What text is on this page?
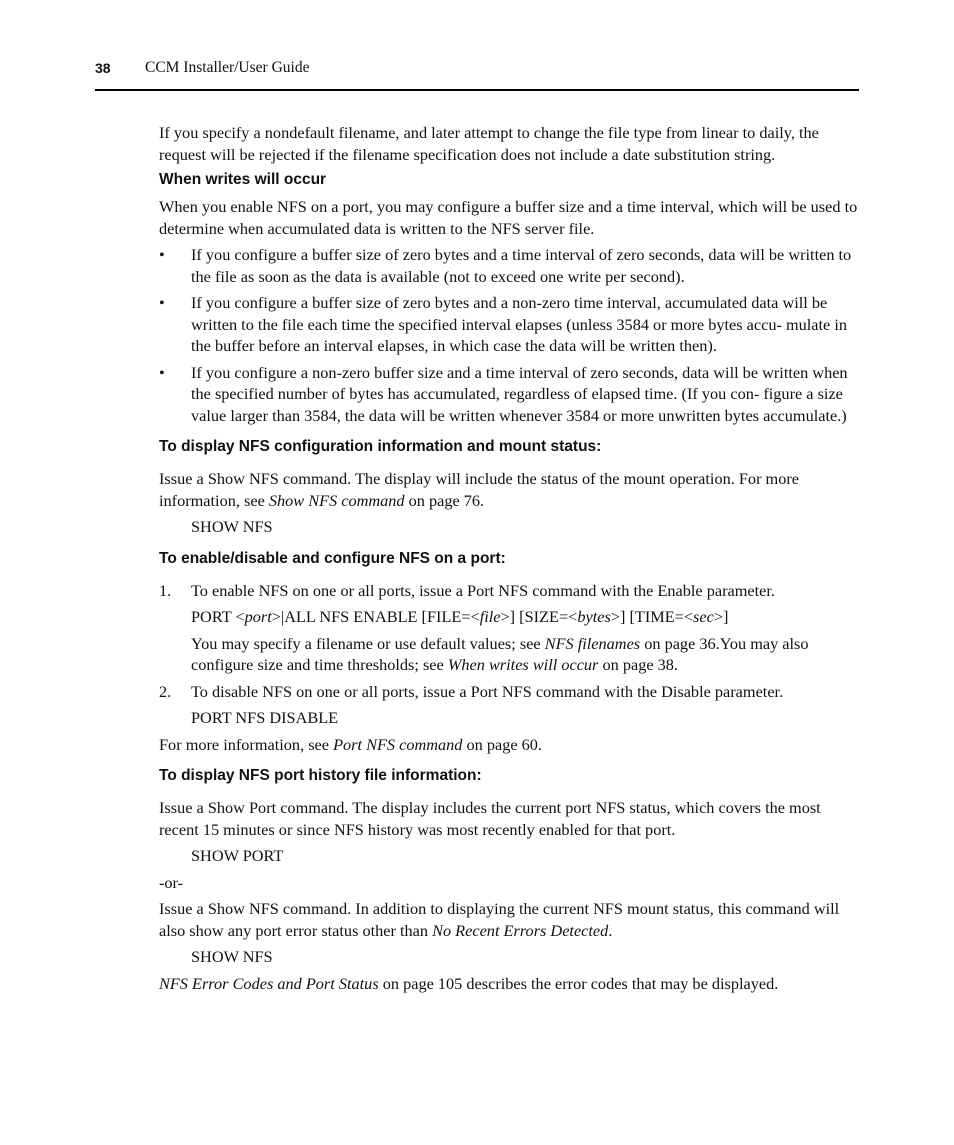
38 CCM Installer/User Guide

If you specify a nondefault filename, and later attempt to change the file type from linear to daily, the request will be rejected if the filename specification does not include a date substitution string.

When writes will occur

When you enable NFS on a port, you may configure a buffer size and a time interval, which will be used to determine when accumulated data is written to the NFS server file.

• If you configure a buffer size of zero bytes and a time interval of zero seconds, data will be written to the file as soon as the data is available (not to exceed one write per second).
• If you configure a buffer size of zero bytes and a non-zero time interval, accumulated data will be written to the file each time the specified interval elapses (unless 3584 or more bytes accu- mulate in the buffer before an interval elapses, in which case the data will be written then).
• If you configure a non-zero buffer size and a time interval of zero seconds, data will be written when the specified number of bytes has accumulated, regardless of elapsed time. (If you con- figure a size value larger than 3584, the data will be written whenever 3584 or more unwritten bytes accumulate.)

To display NFS configuration information and mount status:

Issue a Show NFS command. The display will include the status of the mount operation. For more information, see Show NFS command on page 76.

SHOW NFS

To enable/disable and configure NFS on a port:

1. To enable NFS on one or all ports, issue a Port NFS command with the Enable parameter.

PORT <port>|ALL NFS ENABLE [FILE=<file>] [SIZE=<bytes>] [TIME=<sec>]

You may specify a filename or use default values; see NFS filenames on page 36.You may also configure size and time thresholds; see When writes will occur on page 38.

2. To disable NFS on one or all ports, issue a Port NFS command with the Disable parameter.

PORT NFS DISABLE

For more information, see Port NFS command on page 60.

To display NFS port history file information:

Issue a Show Port command. The display includes the current port NFS status, which covers the most recent 15 minutes or since NFS history was most recently enabled for that port.

SHOW PORT

-or-

Issue a Show NFS command. In addition to displaying the current NFS mount status, this command will also show any port error status other than No Recent Errors Detected.

SHOW NFS

NFS Error Codes and Port Status on page 105 describes the error codes that may be displayed.
